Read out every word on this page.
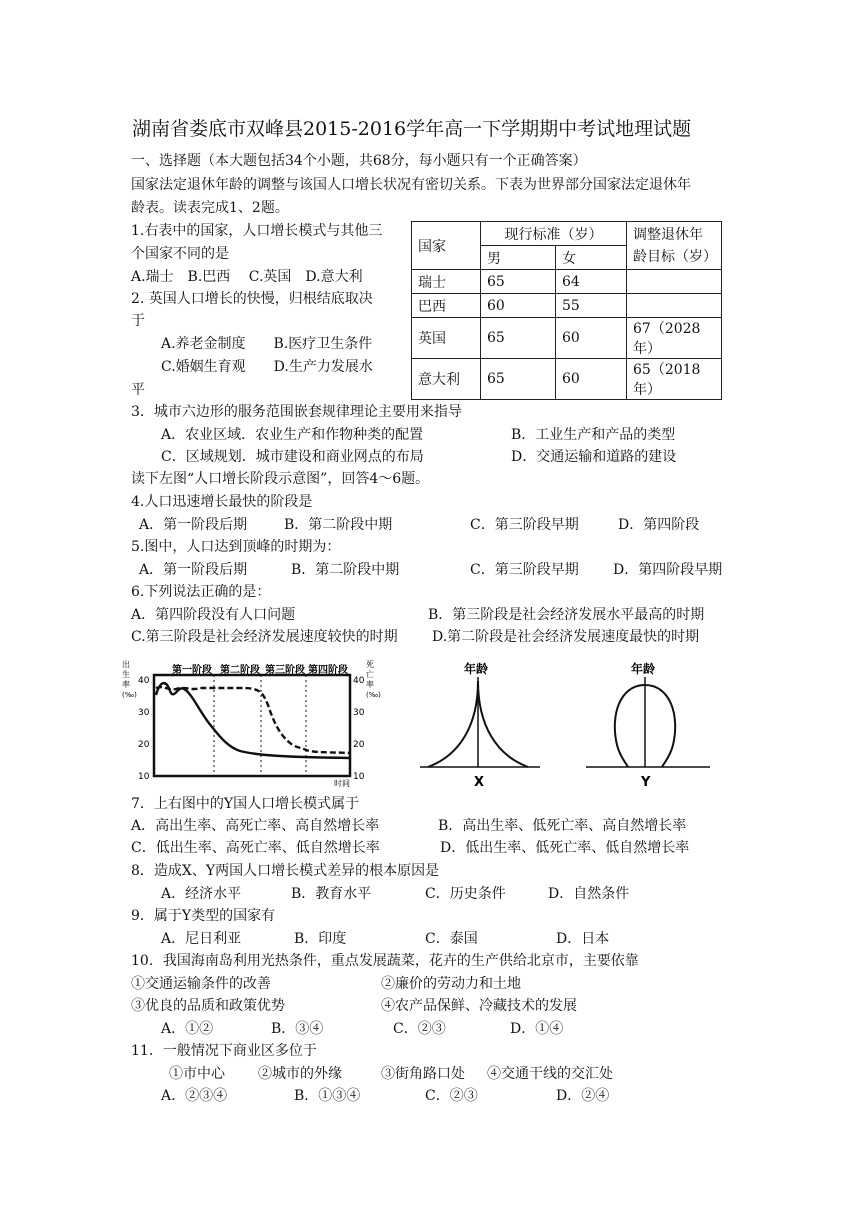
湖南省娄底市双峰县2015-2016学年高一下学期期中考试地理试题
一、选择题（本大题包括34个小题，共68分，每小题只有一个正确答案）
国家法定退休年龄的调整与该国人口增长状况有密切关系。下表为世界部分国家法定退休年
龄表。读表完成1、2题。
1.右表中的国家，人口增长模式与其他三
个国家不同的是
A.瑞士　B.巴西　 C.英国　D.意大利
2. 英国人口增长的快慢，归根结底取决
于
A.养老金制度　　B.医疗卫生条件
C.婚姻生育观　　D.生产力发展水
平
国家	现行标准（岁）		调整退休年
龄目标（岁）
	男	女	
瑞士	65	64	
巴西	60	55	
英国	65	60	67（2028年）
意大利	65	60	65（2018年）
3．城市六边形的服务范围嵌套规律理论主要用来指导
A．农业区域．农业生产和作物种类的配置	B．工业生产和产品的类型
C．区域规划．城市建设和商业网点的布局	D．交通运输和道路的建设
读下左图“人口增长阶段示意图”，回答4～6题。
4.人口迅速增长最快的阶段是
A．第一阶段后期	B．第二阶段中期	C．第三阶段早期	D．第四阶段
5.图中，人口达到顶峰的时期为：
A．第一阶段后期	B．第二阶段中期	C．第三阶段早期 D．第四阶段早期
6.下列说法正确的是：
A．第四阶段没有人口问题	B．第三阶段是社会经济发展水平最高的时期
C.第三阶段是社会经济发展速度较快的时期 D.第二阶段是社会经济发展速度最快的时期
第一阶段 第二阶段 第三阶段 第四阶段
出
生
率
(‰)
40
30
20
10
死
亡
率
(‰)
40
30
20
10
时间
年龄
X
年龄
Y
7．上右图中的Y国人口增长模式属于
A．高出生率、高死亡率、高自然增长率	B．高出生率、低死亡率、高自然增长率
C．低出生率、高死亡率、低自然增长率	D．低出生率、低死亡率、低自然增长率
8．造成X、Y两国人口增长模式差异的根本原因是
A．经济水平	B．教育水平	C．历史条件	D．自然条件
9．属于Y类型的国家有
A．尼日利亚	B．印度	C．泰国	D．日本
10．我国海南岛利用光热条件，重点发展蔬菜，花卉的生产供给北京市，主要依靠
①交通运输条件的改善	②廉价的劳动力和土地
③优良的品质和政策优势	④农产品保鲜、冷藏技术的发展
A．①②	B．③④	C．②③	D．①④
11．一般情况下商业区多位于
①市中心 ②城市的外缘	③街角路口处 ④交通干线的交汇处
A．②③④	B．①③④	C．②③	D．②④
